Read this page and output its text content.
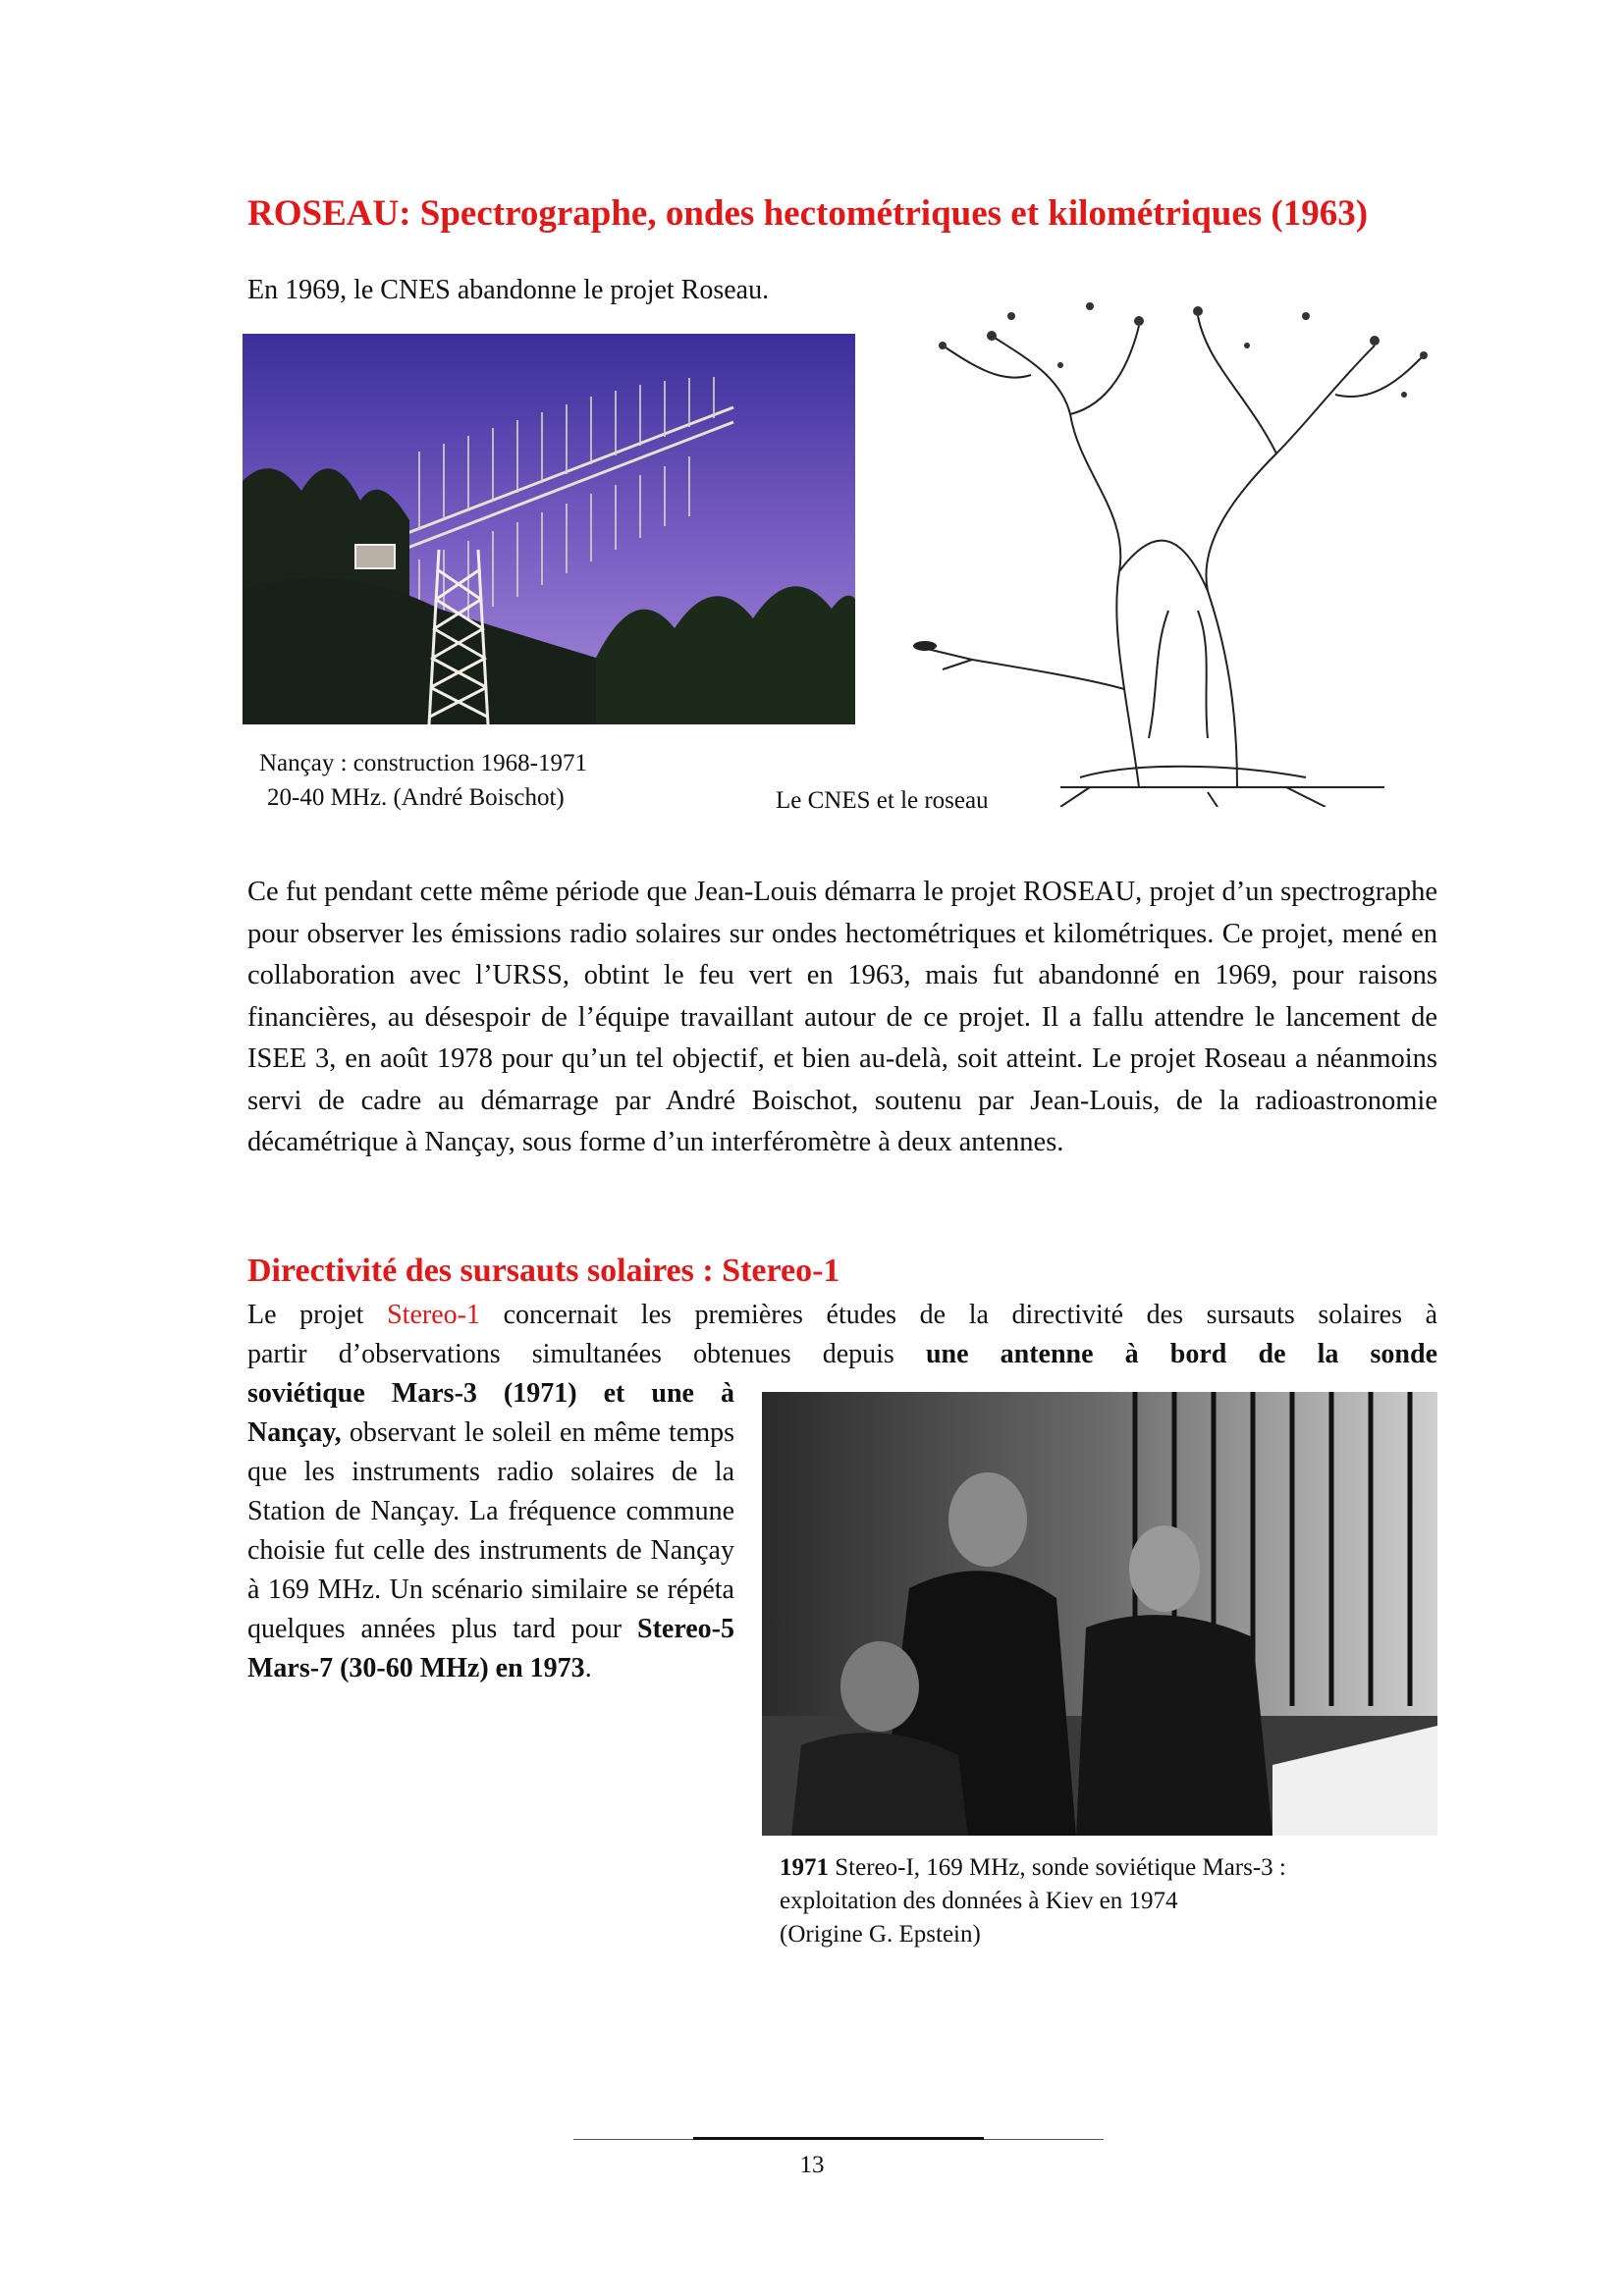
ROSEAU: Spectrographe, ondes hectométriques et kilométriques (1963)
En 1969, le CNES abandonne le projet Roseau.
Nançay : construction 1968-1971
20-40 MHz. (André Boischot)	Le CNES et le roseau
Ce fut pendant cette même période que Jean-Louis démarra le projet ROSEAU, projet d’un spectrographe pour observer les émissions radio solaires sur ondes hectométriques et kilométriques. Ce projet, mené en collaboration avec l’URSS, obtint le feu vert en 1963, mais fut abandonné en 1969, pour raisons financières, au désespoir de l’équipe travaillant autour de ce projet. Il a fallu attendre le lancement de ISEE 3, en août 1978 pour qu’un tel objectif, et bien au-delà, soit atteint. Le projet Roseau a néanmoins servi de cadre au démarrage par André Boischot, soutenu par Jean-Louis, de la radioastronomie décamétrique à Nançay, sous forme d’un interféromètre à deux antennes.
Directivité des sursauts solaires : Stereo-1
Le projet Stereo-1 concernait les premières études de la directivité des sursauts solaires à
partir d’observations simultanées obtenues depuis une antenne à bord de la sonde
soviétique Mars-3 (1971) et une à Nançay, observant le soleil en même temps que les instruments radio solaires de la Station de Nançay. La fréquence commune choisie fut celle des instruments de Nançay à 169 MHz. Un scénario similaire se répéta quelques années plus tard pour Stereo-5 Mars-7 (30-60 MHz) en 1973.
1971 Stereo-I, 169 MHz, sonde soviétique Mars-3 :
exploitation des données à Kiev en 1974
(Origine G. Epstein)
13
